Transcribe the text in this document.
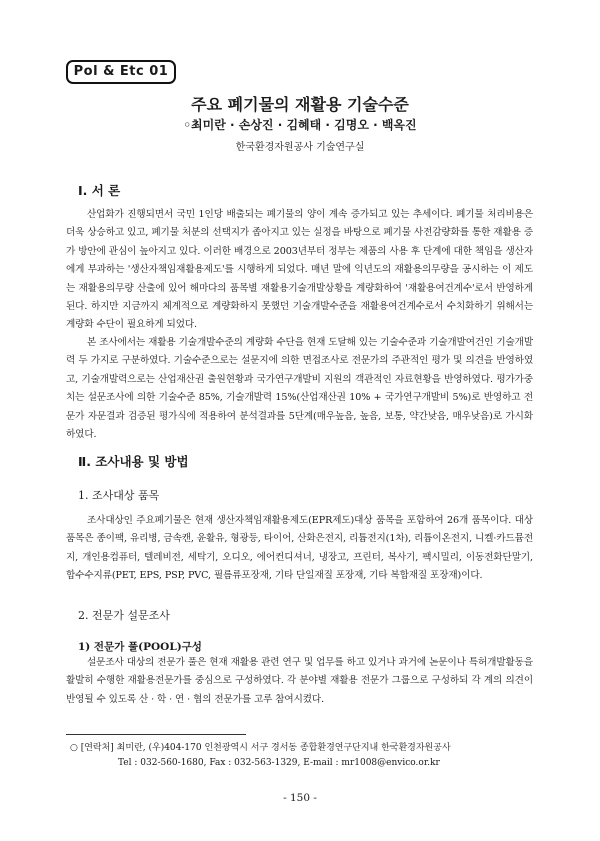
Pol & Etc 01
주요 폐기물의 재활용 기술수준
◦최미란 · 손상진 · 김혜태 · 김명오 · 백옥진
한국환경자원공사 기술연구실
Ⅰ. 서 론

산업화가 진행되면서 국민 1인당 배출되는 폐기물의 양이 계속 증가되고 있는 추세이다. 폐기물 처리비용은 더욱 상승하고 있고, 폐기물 처분의 선택지가 좁아지고 있는 실정을 바탕으로 폐기물 사전감량화를 통한 재활용 증가 방안에 관심이 높아지고 있다. 이러한 배경으로 2003년부터 정부는 제품의 사용 후 단계에 대한 책임을 생산자에게 부과하는 '생산자책임재활용제도'를 시행하게 되었다. 매년 말에 익년도의 재활용의무량을 공시하는 이 제도는 재활용의무량 산출에 있어 해마다의 품목별 재활용기술개발상황을 계량화하여 '재활용여건계수'로서 반영하게 된다. 하지만 지금까지 체계적으로 계량화하지 못했던 기술개발수준을 재활용여건계수로서 수치화하기 위해서는 계량화 수단이 필요하게 되었다.

본 조사에서는 재활용 기술개발수준의 계량화 수단을 현재 도달해 있는 기술수준과 기술개발여건인 기술개발력 두 가지로 구분하였다. 기술수준으로는 설문지에 의한 면접조사로 전문가의 주관적인 평가 및 의견을 반영하였고, 기술개발력으로는 산업재산권 출원현황과 국가연구개발비 지원의 객관적인 자료현황을 반영하였다. 평가가중치는 설문조사에 의한 기술수준 85%, 기술개발력 15%(산업재산권 10% + 국가연구개발비 5%)로 반영하고 전문가 자문결과 검증된 평가식에 적용하여 분석결과를 5단계(매우높음, 높음, 보통, 약간낮음, 매우낮음)로 가시화하였다.

Ⅱ. 조사내용 및 방법
1. 조사대상 품목

조사대상인 주요폐기물은 현재 생산자책임재활용제도(EPR제도)대상 품목을 포함하여 26개 품목이다. 대상품목은 종이팩, 유리병, 금속캔, 윤활유, 형광등, 타이어, 산화은전지, 리튬전지(1차), 리튬이온전지, 니켈·카드뮴전지, 개인용컴퓨터, 텔레비전, 세탁기, 오디오, 에어컨디셔너, 냉장고, 프린터, 복사기, 팩시밀리, 이동전화단말기, 합수수지류(PET, EPS, PSP, PVC, 필름류포장재, 기타 단일재질 포장재, 기타 복합재질 포장재)이다.

2. 전문가 설문조사
1) 전문가 풀(POOL)구성

설문조사 대상의 전문가 풀은 현재 재활용 관련 연구 및 업무를 하고 있거나 과거에 논문이나 특허개발활동을 활발히 수행한 재활용전문가를 중심으로 구성하였다. 각 분야별 재활용 전문가 그룹으로 구성하되 각 계의 의견이 반영될 수 있도록 산 · 학 · 연 · 협의 전문가를 고루 참여시켰다.

○ [연락처] 최미란, (우)404-170 인천광역시 서구 경서동 종합환경연구단지내 한국환경자원공사
Tel : 032-560-1680, Fax : 032-563-1329, E-mail : mr1008@envico.or.kr
- 150 -
